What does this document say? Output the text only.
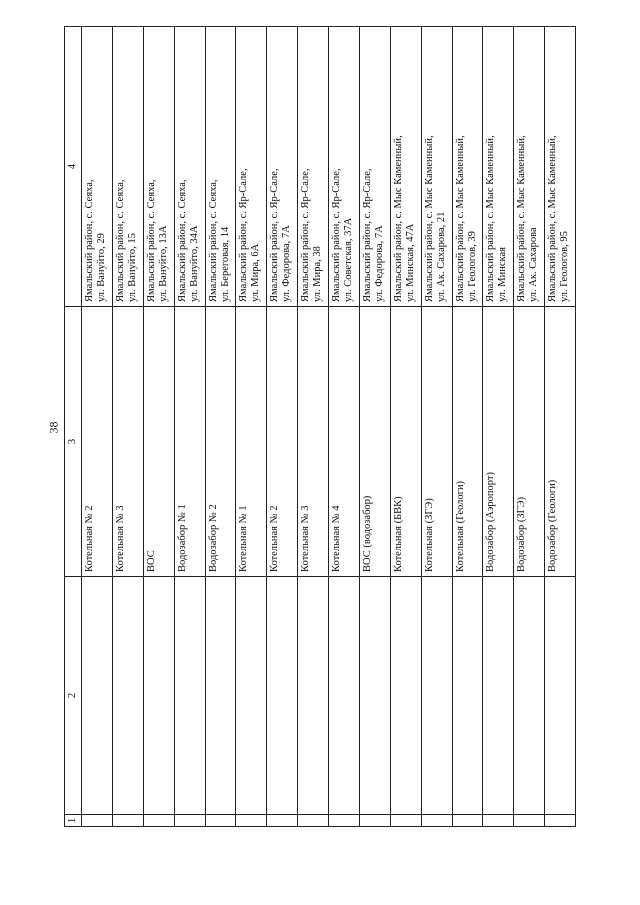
38
1	2	3	4
		Котельная № 2	Ямальский район, с. Сеяха, ул. Вануйто, 29

		Котельная № 3	Ямальский район, с. Сеяха, ул. Вануйто, 15

		ВОС	Ямальский район, с. Сеяха, ул. Вануйто, 13А

		Водозабор № 1	Ямальский район, с. Сеяха, ул. Вануйто, 34А

		Водозабор № 2	Ямальский район, с. Сеяха, ул. Береговая, 14

		Котельная № 1	Ямальский район, с. Яр-Сале, ул. Мира, 6А

		Котельная № 2	Ямальский район, с. Яр-Сале, ул. Федорова, 7А

		Котельная № 3	Ямальский район, с. Яр-Сале, ул. Мира, 38

		Котельная № 4	Ямальский район, с. Яр-Сале, ул. Советская, 37А

		ВОС (водозабор)	Ямальский район, с. Яр-Сале, ул. Федорова, 7А

		Котельная (БВК)	Ямальский район, с. Мыс Каменный, ул. Минская, 47А

		Котельная (ЗГЭ)	Ямальский район, с. Мыс Каменный, ул. Ак. Сахарова, 21

		Котельная (Геологи)	Ямальский район, с. Мыс Каменный, ул. Геологов, 39

		Водозабор (Аэропорт)	Ямальский район, с. Мыс Каменный, ул. Минская

		Водозабор (ЗГЭ)	Ямальский район, с. Мыс Каменный, ул. Ак. Сахарова

		Водозабор (Геологи)	Ямальский район, с. Мыс Каменный, ул. Геологов, 95
